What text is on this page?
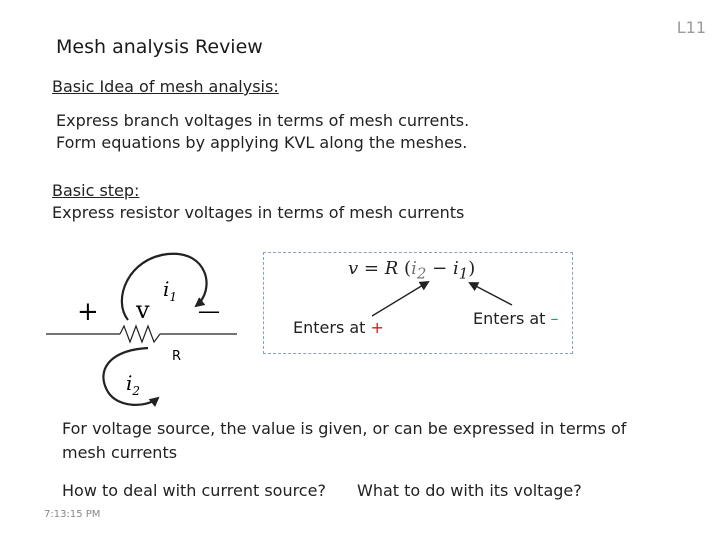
L11
Mesh analysis Review
Basic Idea of mesh analysis:
Express branch voltages in terms of mesh currents.
Form equations by applying KVL along the meshes.
Basic step:
Express resistor voltages in terms of mesh currents
+	—
v
R
$i_1$
$i_2$
v = R $(i_2 - i_1)$
Enters at +	Enters at –
For voltage source, the value is given, or can be expressed in terms of mesh currents
How to deal with current source? What to do with its voltage?
7:13:15 PM
